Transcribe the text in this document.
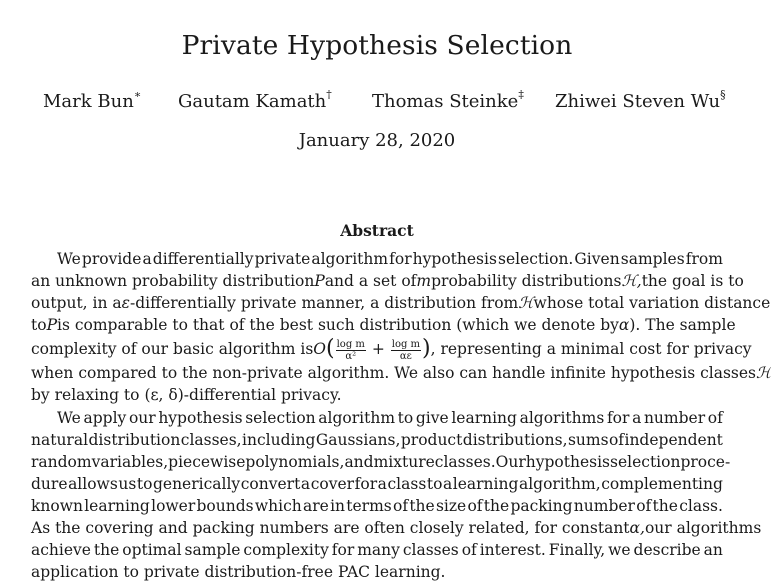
Private Hypothesis Selection
Mark Bun∗ Gautam Kamath† Thomas Steinke‡ Zhiwei Steven Wu§
January 28, 2020
Abstract
We provide a differentially private algorithm for hypothesis selection. Given samples from
an unknown probability distribution P and a set of m probability distributions ℋ, the goal is to
output, in a ε-differentially private manner, a distribution from ℋ whose total variation distance
to P is comparable to that of the best such distribution (which we denote by α). The sample
complexity of our basic algorithm is $O( \frac{\text{log m}}{\text{α²}} + \frac{\text{log m}}{\alpha\varepsilon}$ ) , representing a minimal cost for privacy
when compared to the non-private algorithm. We also can handle infinite hypothesis classes ℋ
by relaxing to (ε, δ)-differential privacy.
We apply our hypothesis selection algorithm to give learning algorithms for a number of
natural distribution classes, including Gaussians, product distributions, sums of independent
random variables, piecewise polynomials, and mixture classes. Our hypothesis selection proce-
dure allows us to generically convert a cover for a class to a learning algorithm, complementing
known learning lower bounds which are in terms of the size of the packing number of the class.
As the covering and packing numbers are often closely related, for constant α, our algorithms
achieve the optimal sample complexity for many classes of interest. Finally, we describe an
application to private distribution-free PAC learning.
